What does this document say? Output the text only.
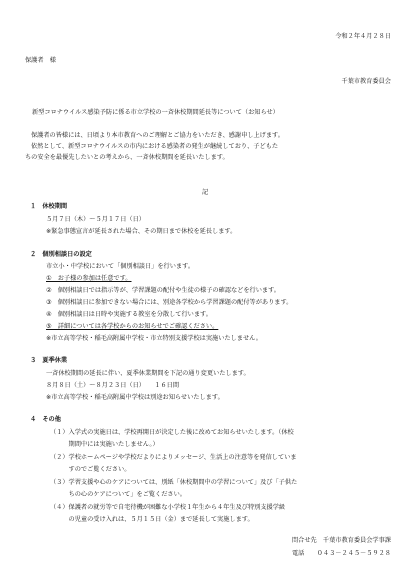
令和２年４月２８日
保護者　様
千葉市教育委員会
新型コロナウイルス感染予防に係る市立学校の一斉休校期間延長等について（お知らせ）
保護者の皆様には、日頃より本市教育へのご理解とご協力をいただき、感謝申し上げます。
依然として、新型コロナウイルスの市内における感染者の発生が継続しており、子どもた
ちの安全を最優先したいとの考えから、一斉休校期間を延長いたします。
記
１　休校期間
５月７日（木）～５月１７日（日）
※緊急事態宣言が延長された場合、その期日まで休校を延長します。
２　個別相談日の設定
市立小・中学校において「個別相談日」を行います。
①　お子様の参加は任意です。
②　個別相談日では指示等が、学習課題の配付や生徒の様子の確認などを行います。
③　個別相談日に参加できない場合には、別途各学校から学習課題の配付等があります。
④　個別相談日は日時や実施する教室を分散して行います。
⑤　詳細については各学校からのお知らせでご確認ください。
※市立高等学校・稲毛高附属中学校・市立特別支援学校は実施いたしません。
３　夏季休業
一斉休校期間の延長に伴い、夏季休業期間を下記の通り変更いたします。
８月８日（土）～８月２３日（日）　　１６日間
※市立高等学校・稲毛高附属中学校は別途お知らせいたします。
４　その他
（１）入学式の実施日は、学校再開日が決定した後に改めてお知らせいたします。（休校
　　　期間中には実施いたしません。）
（２）学校ホームページや学校だよりによりメッセージ、生活上の注意等を発信していま
　　　すのでご覧ください。
（３）学習支援や心のケアについては、別紙「休校期間中の学習について」及び「子供た
　　　ちの心のケアについて」をご覧ください。
（４）保護者の就労等で自宅待機が困難な小学校１年生から４年生及び特別支援学級
　　　の児童の受け入れは、５月１５日（金）まで延長して実施します。
問合せ先　千葉市教育委員会学事課
電話　　０４３－２４５－５９２８
